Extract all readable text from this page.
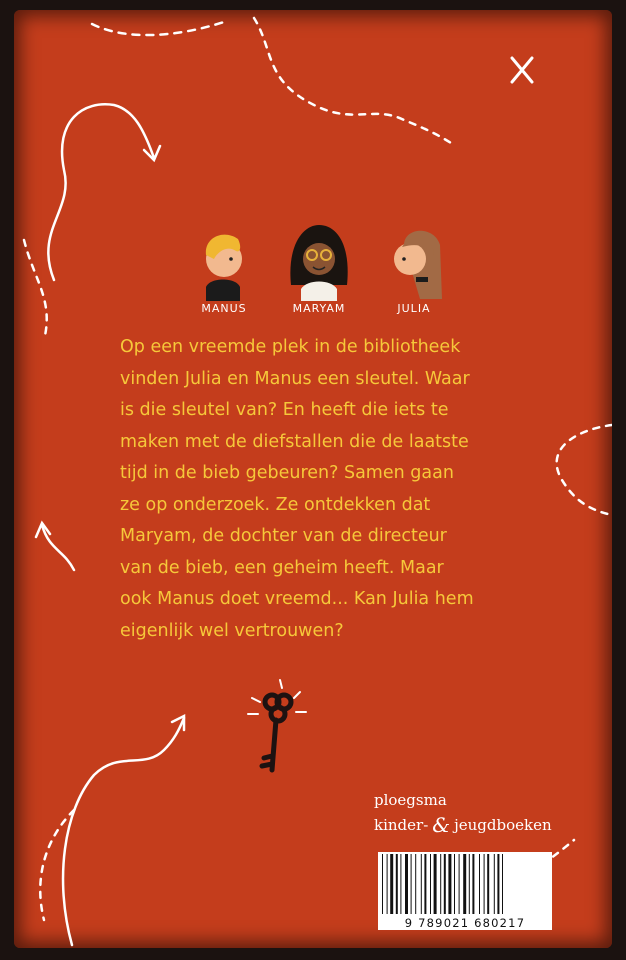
MANUS	MARYAM	JULIA
Op een vreemde plek in de bibliotheek
vinden Julia en Manus een sleutel. Waar
is die sleutel van? En heeft die iets te
maken met de diefstallen die de laatste
tijd in de bieb gebeuren? Samen gaan
ze op onderzoek. Ze ontdekken dat
Maryam, de dochter van de directeur
van de bieb, een geheim heeft. Maar
ook Manus doet vreemd... Kan Julia hem
eigenlijk wel vertrouwen?
ploegsma
kinder- & jeugdboeken
9 789021 680217
